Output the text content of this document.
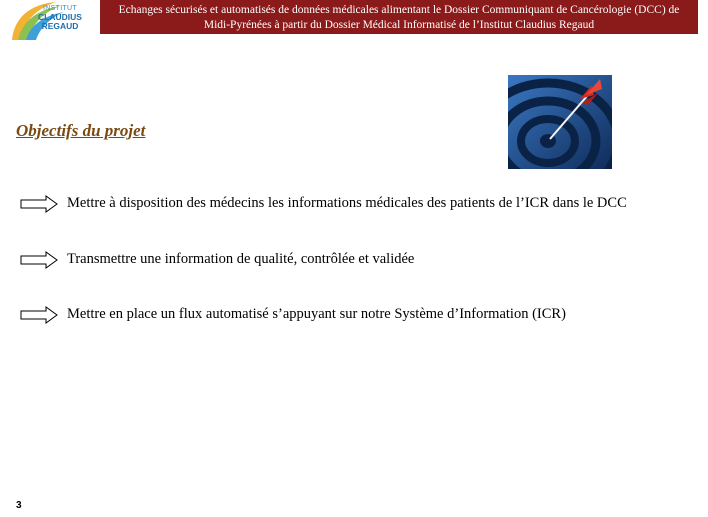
INSTITUT
CLAUDIUS
REGAUD
Echanges sécurisés et automatisés de données médicales alimentant le Dossier Communiquant de Cancérologie (DCC) de
Midi-Pyrénées à partir du Dossier Médical Informatisé de l’Institut Claudius Regaud
Objectifs du projet
Mettre à disposition des médecins les informations médicales des patients de l’ICR dans le DCC
Transmettre une information de qualité, contrôlée et validée
Mettre en place un flux automatisé s’appuyant sur notre Système d’Information (ICR)
3
